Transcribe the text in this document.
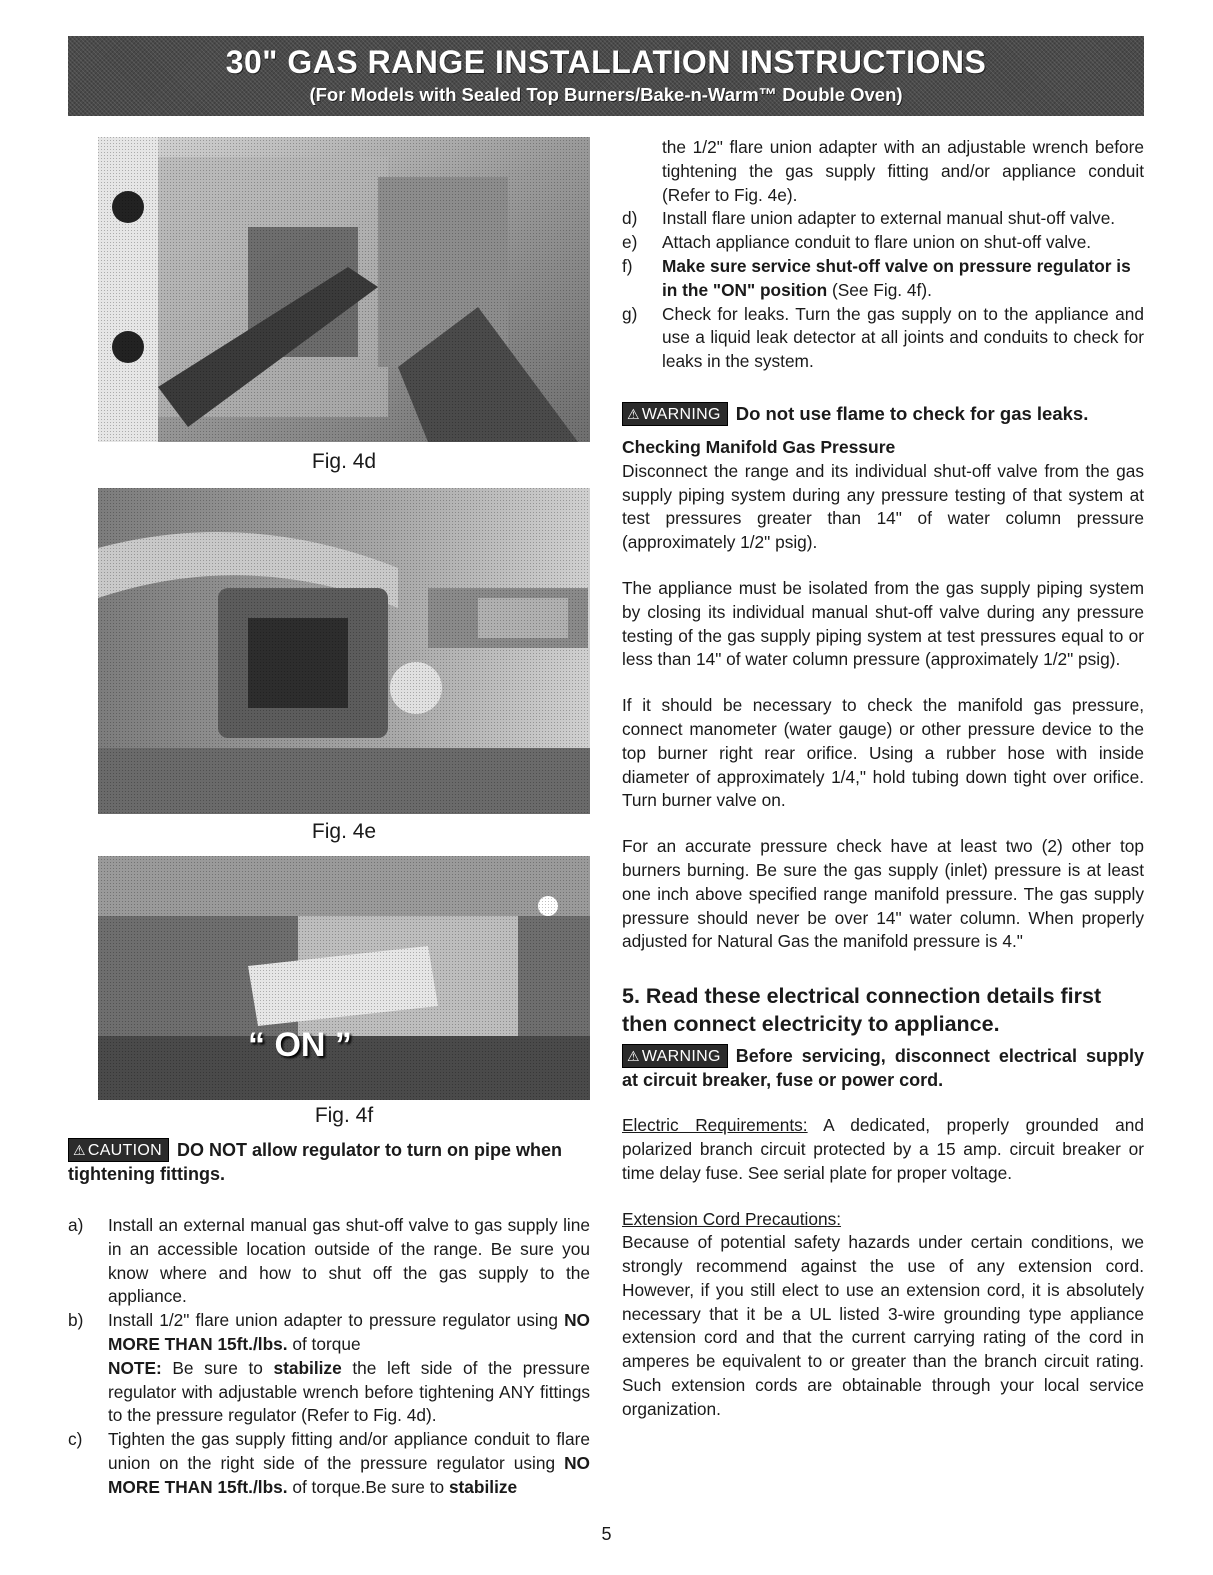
30" GAS RANGE INSTALLATION INSTRUCTIONS
(For Models with Sealed Top Burners/Bake-n-Warm™ Double Oven)
Fig. 4d
Fig. 4e
“ ON ”
Fig. 4f
⚠ CAUTION DO NOT allow regulator to turn on pipe when tightening fittings.
a)	Install an external manual gas shut-off valve to gas supply line in an accessible location outside of the range. Be sure you know where and how to shut off the gas supply to the appliance.
b)	Install 1/2" flare union adapter to pressure regulator using NO MORE THAN 15ft./lbs. of torque
NOTE: Be sure to stabilize the left side of the pressure regulator with adjustable wrench before tightening ANY fittings to the pressure regulator (Refer to Fig. 4d).
c)	Tighten the gas supply fitting and/or appliance conduit to flare union on the right side of the pressure regulator using NO MORE THAN 15ft./lbs. of torque.Be sure to stabilize
the 1/2" flare union adapter with an adjustable wrench before tightening the gas supply fitting and/or appliance conduit (Refer to Fig. 4e).
d)	Install flare union adapter to external manual shut-off valve.
e)	Attach appliance conduit to flare union on shut-off valve.
f)	Make sure service shut-off valve on pressure regulator is in the "ON" position (See Fig. 4f).
g)	Check for leaks. Turn the gas supply on to the appliance and use a liquid leak detector at all joints and conduits to check for leaks in the system.
⚠ WARNING Do not use flame to check for gas leaks.
Checking Manifold Gas Pressure

Disconnect the range and its individual shut-off valve from the gas supply piping system during any pressure testing of that system at test pressures greater than 14" of water column pressure (approximately 1/2" psig).

The appliance must be isolated from the gas supply piping system by closing its individual manual shut-off valve during any pressure testing of the gas supply piping system at test pressures equal to or less than 14" of water column pressure (approximately 1/2" psig).

If it should be necessary to check the manifold gas pressure, connect manometer (water gauge) or other pressure device to the top burner right rear orifice. Using a rubber hose with inside diameter of approximately 1/4," hold tubing down tight over orifice. Turn burner valve on.

For an accurate pressure check have at least two (2) other top burners burning. Be sure the gas supply (inlet) pressure is at least one inch above specified range manifold pressure. The gas supply pressure should never be over 14" water column. When properly adjusted for Natural Gas the manifold pressure is 4."

5. Read these electrical connection details first then connect electricity to appliance.

⚠ WARNING Before servicing, disconnect electrical supply at circuit breaker, fuse or power cord.

Electric Requirements: A dedicated, properly grounded and polarized branch circuit protected by a 15 amp. circuit breaker or time delay fuse. See serial plate for proper voltage.

Extension Cord Precautions:

Because of potential safety hazards under certain conditions, we strongly recommend against the use of any extension cord. However, if you still elect to use an extension cord, it is absolutely necessary that it be a UL listed 3-wire grounding type appliance extension cord and that the current carrying rating of the cord in amperes be equivalent to or greater than the branch circuit rating. Such extension cords are obtainable through your local service organization.

5
